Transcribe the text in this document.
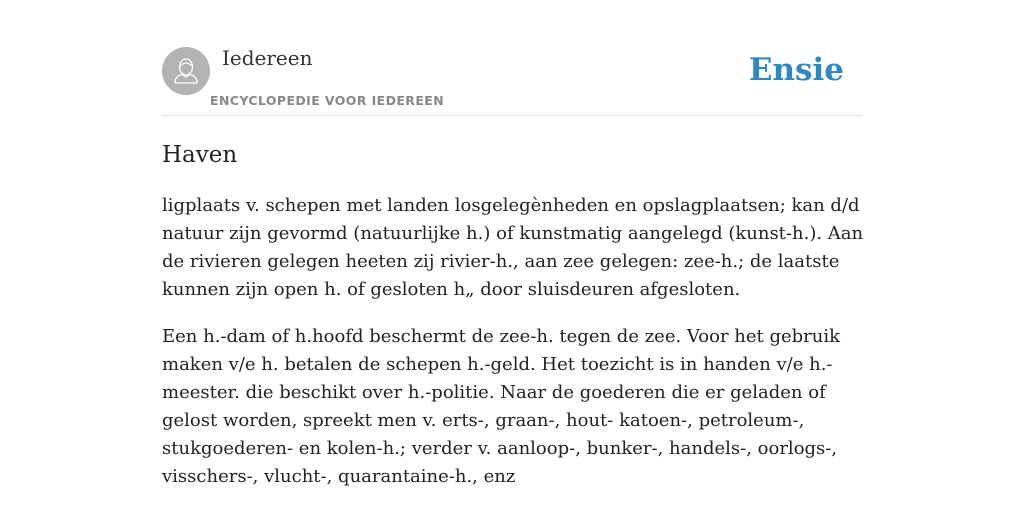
Iedereen
ENCYCLOPEDIE VOOR IEDEREEN
Ensie
Haven

ligplaats v. schepen met landen losgelegènheden en opslagplaatsen; kan d/d natuur zijn gevormd (natuurlijke h.) of kunstmatig aangelegd (kunst-h.). Aan de rivieren gelegen heeten zij rivier-h., aan zee gelegen: zee-h.; de laatste kunnen zijn open h. of gesloten h„ door sluisdeuren afgesloten.

Een h.-dam of h.hoofd beschermt de zee-h. tegen de zee. Voor het gebruik maken v/e h. betalen de schepen h.-geld. Het toezicht is in handen v/e h.-meester. die beschikt over h.-politie. Naar de goederen die er geladen of gelost worden, spreekt men v. erts-, graan-, hout- katoen-, petroleum-, stukgoederen- en kolen-h.; verder v. aanloop-, bunker-, handels-, oorlogs-, visschers-, vlucht-, quarantaine-h., enz
